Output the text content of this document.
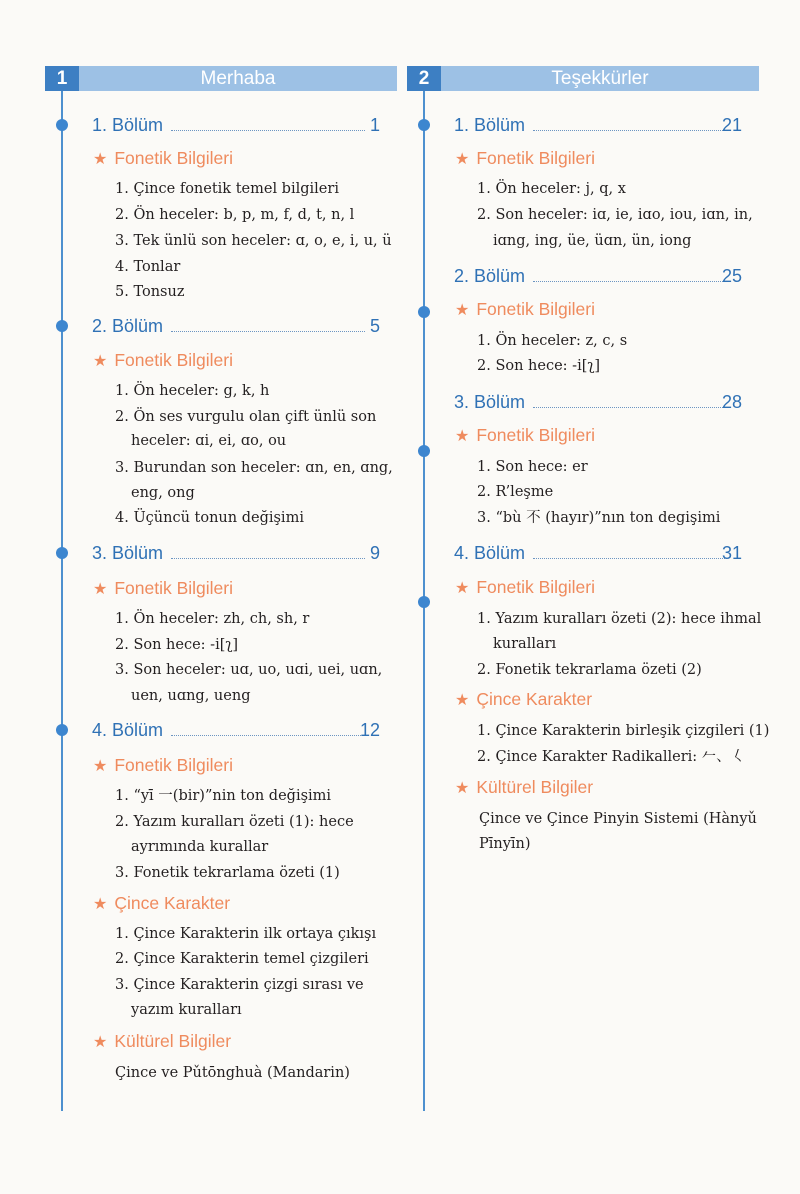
1	Merhaba
1. Bölüm	1
★ Fonetik Bilgileri
1. Çince fonetik temel bilgileri
2. Ön heceler: b, p, m, f, d, t, n, l
3. Tek ünlü son heceler: ɑ, o, e, i, u, ü
4. Tonlar
5. Tonsuz
2. Bölüm	5
★ Fonetik Bilgileri
1. Ön heceler: g, k, h
2. Ön ses vurgulu olan çift ünlü son
heceler: ɑi, ei, ɑo, ou
3. Burundan son heceler: ɑn, en, ɑng,
eng, ong
4. Üçüncü tonun değişimi
3. Bölüm	9
★ Fonetik Bilgileri
1. Ön heceler: zh, ch, sh, r
2. Son hece: -i[ʅ]
3. Son heceler: uɑ, uo, uɑi, uei, uɑn,
uen, uɑng, ueng
4. Bölüm	12
★ Fonetik Bilgileri
1. “yī 一(bir)”nin ton değişimi
2. Yazım kuralları özeti (1): hece
ayrımında kurallar
3. Fonetik tekrarlama özeti (1)
★ Çince Karakter
1. Çince Karakterin ilk ortaya çıkışı
2. Çince Karakterin temel çizgileri
3. Çince Karakterin çizgi sırası ve
yazım kuralları
★ Kültürel Bilgiler
Çince ve Pǔtōnghuà (Mandarin)
2	Teşekkürler
1. Bölüm	21
★ Fonetik Bilgileri
1. Ön heceler: j, q, x
2. Son heceler: iɑ, ie, iɑo, iou, iɑn, in,
iɑng, ing, üe, üɑn, ün, iong
2. Bölüm	25
★ Fonetik Bilgileri
1. Ön heceler: z, c, s
2. Son hece: -i[ʅ]
3. Bölüm	28
★ Fonetik Bilgileri
1. Son hece: er
2. R’leşme
3. “bù 不 (hayır)”nın ton degişimi
4. Bölüm	31
★ Fonetik Bilgileri
1. Yazım kuralları özeti (2): hece ihmal
kuralları
2. Fonetik tekrarlama özeti (2)
★ Çince Karakter
1. Çince Karakterin birleşik çizgileri (1)
2. Çince Karakter Radikalleri: 𠂉、𡿨
★ Kültürel Bilgiler
Çince ve Çince Pinyin Sistemi (Hànyǔ
Pīnyīn)
